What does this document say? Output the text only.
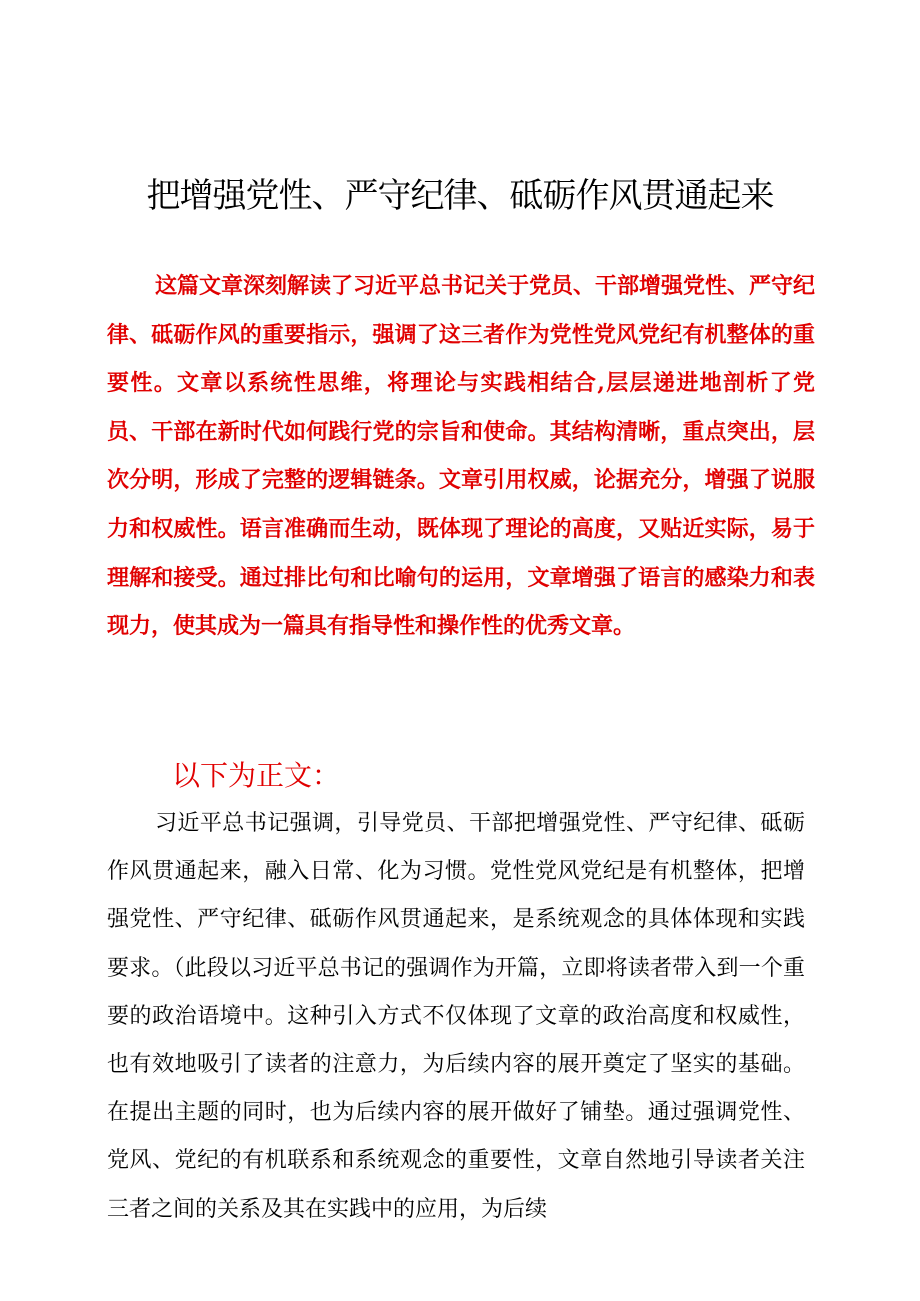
把增强党性、严守纪律、砥砺作风贯通起来

这篇文章深刻解读了习近平总书记关于党员、干部增强党性、严守纪律、砥砺作风的重要指示，强调了这三者作为党性党风党纪有机整体的重要性。文章以系统性思维，将理论与实践相结合,层层递进地剖析了党员、干部在新时代如何践行党的宗旨和使命。其结构清晰，重点突出，层次分明，形成了完整的逻辑链条。文章引用权威，论据充分，增强了说服力和权威性。语言准确而生动，既体现了理论的高度，又贴近实际，易于理解和接受。通过排比句和比喻句的运用，文章增强了语言的感染力和表现力，使其成为一篇具有指导性和操作性的优秀文章。

以下为正文：

习近平总书记强调，引导党员、干部把增强党性、严守纪律、砥砺作风贯通起来，融入日常、化为习惯。党性党风党纪是有机整体，把增强党性、严守纪律、砥砺作风贯通起来，是系统观念的具体体现和实践要求。（此段以习近平总书记的强调作为开篇，立即将读者带入到一个重要的政治语境中。这种引入方式不仅体现了文章的政治高度和权威性，也有效地吸引了读者的注意力，为后续内容的展开奠定了坚实的基础。在提出主题的同时，也为后续内容的展开做好了铺垫。通过强调党性、党风、党纪的有机联系和系统观念的重要性，文章自然地引导读者关注三者之间的关系及其在实践中的应用，为后续
